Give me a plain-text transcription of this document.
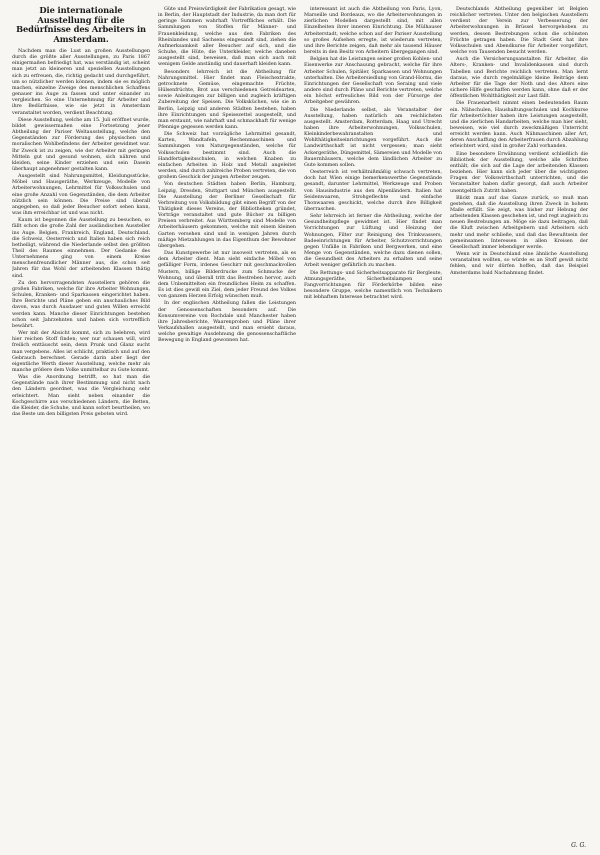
Die internationale Ausstellung für die Bedürfnisse des Arbeiters in Amsterdam.

Nachdem man die Lust an großen Ausstellungen durch die größte aller Ausstellungen, zu Paris 1867 einigermaßen befriedigt hat, was verständig ist, scheint man jetzt an kleineren und speziellen Ausstellungen sich zu erfreuen, die, richtig gedacht und durchgeführt, um so nützlicher werden können, indem sie es möglich machen, einzelne Zweige des menschlichen Schaffens genauer ins Auge zu fassen und unter einander zu vergleichen. So eine Unternehmung für Arbeiter und ihre Bedürfnisse, wie sie jetzt in Amsterdam veranstaltet worden, verdient Beachtung.

Diese Ausstellung, welche am 15. Juli eröffnet wurde, bildet gewissermaßen eine Fortsetzung jener Abtheilung der Pariser Weltausstellung, welche den Gegenständen zur Förderung des physischen und moralischen Wohlbefindens der Arbeiter gewidmet war. Ihr Zweck ist zu zeigen, wie der Arbeiter mit geringen Mitteln gut und gesund wohnen, sich nähren und kleiden, seine Kinder erziehen und sein Dasein überhaupt angenehmer gestalten kann.

Ausgestellt sind Nahrungsmittel, Kleidungsstücke, Möbel und Hausgeräthe, Werkzeuge, Modelle von Arbeiterwohnungen, Lehrmittel für Volksschulen und eine große Anzahl von Gegenständen, die dem Arbeiter nützlich sein können. Die Preise sind überall angegeben, so daß jeder Besucher sofort sehen kann, was ihm erreichbar ist und was nicht.

Kaum ist begonnen die Ausstellung zu besuchen, so fällt schon die große Zahl der ausländischen Aussteller ins Auge. Belgien, Frankreich, England, Deutschland, die Schweiz, Oesterreich und Italien haben sich reich betheiligt, während die Niederlande selbst den größten Theil des Raumes einnehmen. Der Gedanke des Unternehmens ging von einem Kreise menschenfreundlicher Männer aus, die schon seit Jahren für das Wohl der arbeitenden Klassen thätig sind.

Zu den hervorragendsten Ausstellern gehören die großen Fabriken, welche für ihre Arbeiter Wohnungen, Schulen, Kranken- und Sparkassen eingerichtet haben. Ihre Berichte und Pläne geben ein anschauliches Bild davon, was durch Ausdauer und guten Willen erreicht werden kann. Manche dieser Einrichtungen bestehen schon seit Jahrzehnten und haben sich vortrefflich bewährt.

Wer mit der Absicht kommt, sich zu belehren, wird hier reichen Stoff finden; wer nur schauen will, wird freilich enttäuscht sein, denn Prunk und Glanz sucht man vergebens. Alles ist schlicht, praktisch und auf den Gebrauch berechnet. Gerade darin aber liegt der eigentliche Werth dieser Ausstellung, welche mehr als manche größere dem Volke unmittelbar zu Gute kommt.

Was die Anordnung betrifft, so hat man die Gegenstände nach ihrer Bestimmung und nicht nach den Ländern geordnet, was die Vergleichung sehr erleichtert. Man sieht neben einander die Kochgeschirre aus verschiedenen Ländern, die Betten, die Kleider, die Schuhe, und kann sofort beurtheilen, wo das Beste um den billigsten Preis geboten wird.

Güte und Preiswürdigkeit der Fabrikation gesagt, wie in Berlin, der Hauptstadt der Industrie, da man dort für geringe Summen wahrhaft Vortreffliches erhält. Die Sammlungen von Stoffen für Männer- und Frauenkleidung, welche aus den Fabriken des Rheinlandes und Sachsens eingesandt sind, ziehen die Aufmerksamkeit aller Besucher auf sich, und die Schuhe, die Hüte, die Unterkleider, welche daneben ausgestellt sind, beweisen, daß man sich auch mit wenigem Gelde anständig und dauerhaft kleiden kann.

Besonders lehrreich ist die Abtheilung für Nahrungsmittel. Hier findet man Fleischextrakte, getrocknete Gemüse, eingemachte Früchte, Hülsenfrüchte, Brot aus verschiedenen Getreidearten, sowie Anleitungen zur billigen und zugleich kräftigen Zubereitung der Speisen. Die Volksküchen, wie sie in Berlin, Leipzig und anderen Städten bestehen, haben ihre Einrichtungen und Speisezettel ausgestellt, und man erstaunt, wie nahrhaft und schmackhaft für wenige Pfennige gegessen werden kann.

Die Schweiz hat vorzügliche Lehrmittel gesandt, Karten, Wandtafeln, Rechenmaschinen und Sammlungen von Naturgegenständen, welche für Volksschulen bestimmt sind. Auch die Handfertigkeitsschulen, in welchen Knaben zu einfachen Arbeiten in Holz und Metall angeleitet werden, sind durch zahlreiche Proben vertreten, die von großem Geschick der jungen Arbeiter zeugen.

Von deutschen Städten haben Berlin, Hamburg, Leipzig, Dresden, Stuttgart und München ausgestellt. Die Ausstellung der Berliner Gesellschaft für Verbreitung von Volksbildung gibt einen Begriff von der Thätigkeit dieses Vereins, der Bibliotheken gründet, Vorträge veranstaltet und gute Bücher zu billigen Preisen verbreitet. Aus Württemberg sind Modelle von Arbeiterhäusern gekommen, welche mit einem kleinen Garten versehen sind und in wenigen Jahren durch mäßige Mietzahlungen in das Eigenthum der Bewohner übergehen.

Das Kunstgewerbe ist nur insoweit vertreten, als es dem Arbeiter dient. Man sieht einfache Möbel von gefälliger Form, irdenes Geschirr mit geschmackvollen Mustern, billige Bilderdrucke zum Schmucke der Wohnung, und überall tritt das Bestreben hervor, auch dem Unbemittelten ein freundliches Heim zu schaffen. Es ist dies gewiß ein Ziel, dem jeder Freund des Volkes von ganzem Herzen Erfolg wünschen muß.

In der englischen Abtheilung fallen die Leistungen der Genossenschaften besonders auf. Die Konsumvereine von Rochdale und Manchester haben ihre Jahresberichte, Waarenproben und Pläne ihrer Verkaufshallen ausgestellt, und man ersieht daraus, welche gewaltige Ausdehnung die genossenschaftliche Bewegung in England gewonnen hat.

interessant ist auch die Abtheilung von Paris, Lyon, Marseille und Bordeaux, wo die Arbeiterwohnungen in zierlichen Modellen dargestellt sind, mit allen Einzelheiten ihrer inneren Einrichtung. Die Mülhauser Arbeiterstadt, welche schon auf der Pariser Ausstellung so großes Aufsehen erregte, ist wiederum vertreten, und ihre Berichte zeigen, daß mehr als tausend Häuser bereits in den Besitz von Arbeitern übergegangen sind.

Belgien hat die Leistungen seiner großen Kohlen- und Eisenwerke zur Anschauung gebracht, welche für ihre Arbeiter Schulen, Spitäler, Sparkassen und Wohnungen unterhalten. Die Arbeitersiedlung von Grand-Hornu, die Einrichtungen der Gesellschaft von Seraing und viele andere sind durch Pläne und Berichte vertreten, welche ein höchst erfreuliches Bild von der Fürsorge der Arbeitgeber gewähren.

Die Niederlande selbst, als Veranstalter der Ausstellung, haben natürlich am reichlichsten ausgestellt. Amsterdam, Rotterdam, Haag und Utrecht haben ihre Arbeiterwohnungen, Volksschulen, Kleinkinderbewahranstalten und Wohlthätigkeitseinrichtungen vorgeführt. Auch die Landwirthschaft ist nicht vergessen; man sieht Ackergeräthe, Düngemittel, Sämereien und Modelle von Bauernhäusern, welche dem ländlichen Arbeiter zu Gute kommen sollen.

Oesterreich ist verhältnißmäßig schwach vertreten, doch hat Wien einige bemerkenswerthe Gegenstände gesandt, darunter Lehrmittel, Werkzeuge und Proben von Hausindustrie aus den Alpenländern. Italien hat Seidenwaaren, Strohgeflechte und einfache Thonwaaren geschickt, welche durch ihre Billigkeit überraschen.

Sehr lehrreich ist ferner die Abtheilung, welche der Gesundheitspflege gewidmet ist. Hier findet man Vorrichtungen zur Lüftung und Heizung der Wohnungen, Filter zur Reinigung des Trinkwassers, Badeeinrichtungen für Arbeiter, Schutzvorrichtungen gegen Unfälle in Fabriken und Bergwerken, und eine Menge von Gegenständen, welche dazu dienen sollen, die Gesundheit des Arbeiters zu erhalten und seine Arbeit weniger gefährlich zu machen.

Die Rettungs- und Sicherheitsapparate für Bergleute, Atmungsgeräthe, Sicherheitslampen und Fangvorrichtungen für Förderkörbe bilden eine besondere Gruppe, welche namentlich von Technikern mit lebhaftem Interesse betrachtet wird.

Deutschlands Abtheilung gegenüber ist Belgien reichlicher vertreten. Unter den belgischen Ausstellern verdient der Verein zur Verbesserung der Arbeiterwohnungen in Brüssel hervorgehoben zu werden, dessen Bestrebungen schon die schönsten Früchte getragen haben. Die Stadt Gent hat ihre Volksschulen und Abendkurse für Arbeiter vorgeführt, welche von Tausenden besucht werden.

Auch die Versicherungsanstalten für Arbeiter, die Alters-, Kranken- und Invalidenkassen sind durch Tabellen und Berichte reichlich vertreten. Man lernt daraus, wie durch regelmäßige kleine Beiträge dem Arbeiter für die Tage der Noth und des Alters eine sichere Hilfe geschaffen werden kann, ohne daß er der öffentlichen Wohlthätigkeit zur Last fällt.

Die Frauenarbeit nimmt einen bedeutenden Raum ein. Nähschulen, Haushaltungsschulen und Kochkurse für Arbeitertöchter haben ihre Leistungen ausgestellt, und die zierlichen Handarbeiten, welche man hier sieht, beweisen, wie viel durch zweckmäßigen Unterricht erreicht werden kann. Auch Nähmaschinen aller Art, deren Anschaffung den Arbeiterfrauen durch Abzahlung erleichtert wird, sind in großer Zahl vorhanden.

Eine besondere Erwähnung verdient schließlich die Bibliothek der Ausstellung, welche alle Schriften enthält, die sich auf die Lage der arbeitenden Klassen beziehen. Hier kann sich jeder über die wichtigsten Fragen der Volkswirthschaft unterrichten, und die Veranstalter haben dafür gesorgt, daß auch Arbeiter unentgeltlich Zutritt haben.

Blickt man auf das Ganze zurück, so muß man gestehen, daß die Ausstellung ihren Zweck in hohem Maße erfüllt. Sie zeigt, was bisher zur Hebung der arbeitenden Klassen geschehen ist, und regt zugleich zu neuen Bestrebungen an. Möge sie dazu beitragen, daß die Kluft zwischen Arbeitgebern und Arbeitern sich mehr und mehr schließe, und daß das Bewußtsein der gemeinsamen Interessen in allen Kreisen der Gesellschaft immer lebendiger werde.

Wenn wir in Deutschland eine ähnliche Ausstellung veranstalten wollten, so würde es an Stoff gewiß nicht fehlen, und wir dürfen hoffen, daß das Beispiel Amsterdams bald Nachahmung findet.

G. G.
